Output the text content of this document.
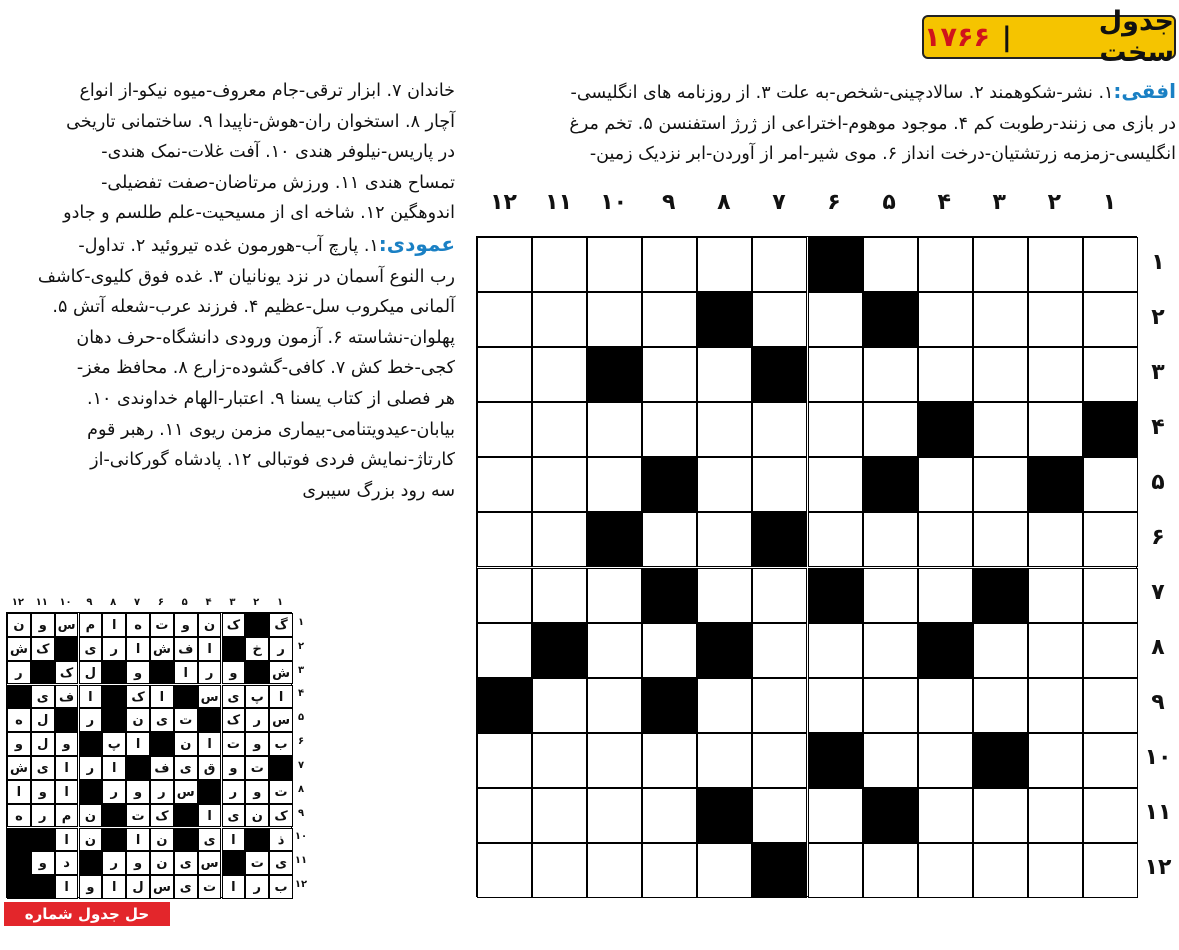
جدول سخت
|
۱۷۶۶
افقی:۱. نشر-شکوهمند ۲. سالادچینی-شخص-به علت ۳. از روزنامه های انگلیسی-
در بازی می زنند-رطوبت کم ۴. موجود موهوم-اختراعی از ژرژ استفنسن ۵. تخم مرغ
انگلیسی-زمزمه زرتشتیان-درخت انداز ۶. موی شیر-امر از آوردن-ابر نزدیک زمین-
خاندان ۷. ابزار ترقی-جام معروف-میوه نیکو-از انواع
آچار ۸. استخوان ران-هوش-ناپیدا ۹. ساختمانی تاریخی
در پاریس-نیلوفر هندی ۱۰. آفت غلات-نمک هندی-
تمساح هندی ۱۱. ورزش مرتاضان-صفت تفضیلی-
اندوهگین ۱۲. شاخه ای از مسیحیت-علم طلسم و جادو
عمودی:۱. پارچ آب-هورمون غده تیروئید ۲. تداول-
رب النوع آسمان در نزد یونانیان ۳. غده فوق کلیوی-کاشف
آلمانی میکروب سل-عظیم ۴. فرزند عرب-شعله آتش ۵.
پهلوان-نشاسته ۶. آزمون ورودی دانشگاه-حرف دهان
کجی-خط کش ۷. کافی-گشوده-زارع ۸. محافظ مغز-
هر فصلی از کتاب یسنا ۹. اعتبار-الهام خداوندی ۱۰.
بیابان-عیدویتنامی-بیماری مزمن ریوی ۱۱. رهبر قوم
کارتاژ-نمایش فردی فوتبالی ۱۲. پادشاه گورکانی-از
سه رود بزرگ سیبری
۱
۲
۳
۴
۵
۶
۷
۸
۹
۱۰
۱۱
۱۲
۱
۲
۳
۴
۵
۶
۷
۸
۹
۱۰
۱۱
۱۲
۱
۲
۳
۴
۵
۶
۷
۸
۹
۱۰
۱۱
۱۲
۱
۲
۳
۴
۵
۶
۷
۸
۹
۱۰
۱۱
۱۲
گ
ک
ن
و
ت
ه
ا
م
س
و
ن
ر
خ
ا
ف
ش
ا
ر
ی
ک
ش
ش
و
ر
ا
و
ل
ک
ر
ا
پ
ی
س
ا
ک
ا
ف
ی
س
ر
ک
ت
ی
ن
ر
ل
ه
ب
و
ت
ا
ن
ا
پ
و
ل
و
ت
و
ق
ی
ف
ا
ر
ا
ی
ش
ت
و
ر
س
ر
و
ر
ا
و
ا
ک
ن
ی
ا
ک
ت
ن
م
ر
ه
ذ
ا
ی
ن
ا
ن
ا
ی
ت
س
ی
ن
و
ر
د
و
ب
ر
ا
ت
ی
س
ل
ا
و
ا
حل جدول شماره ۱۷۶۵
